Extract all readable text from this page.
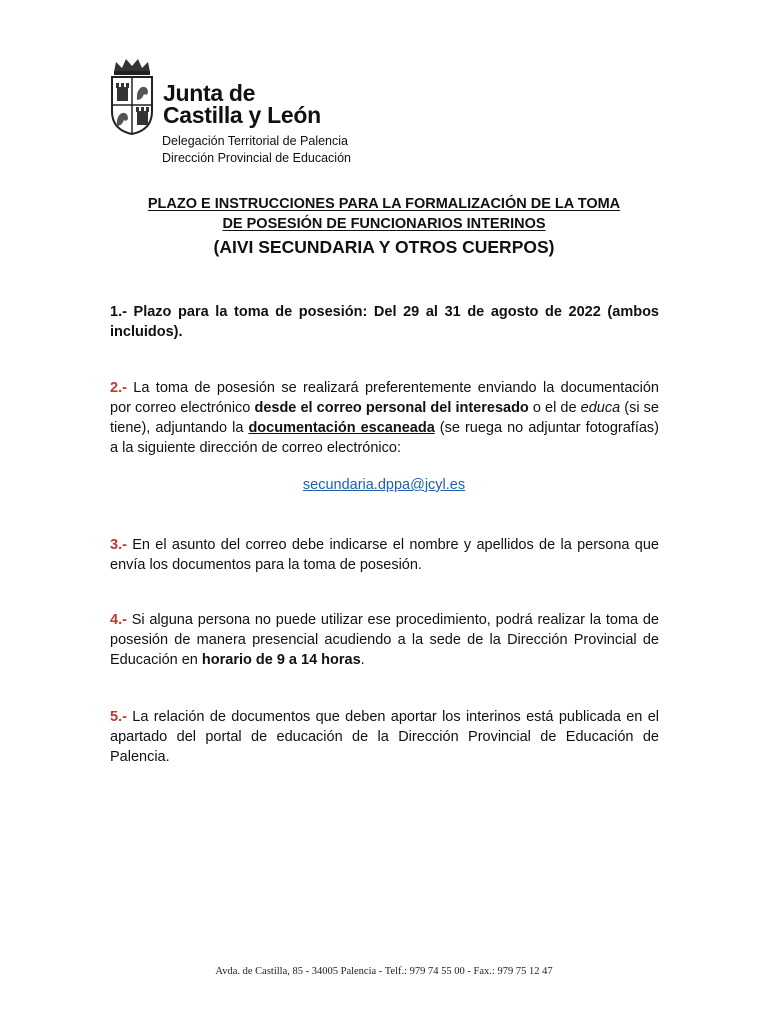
Junta de
Castilla y León
Delegación Territorial de Palencia
Dirección Provincial de Educación
PLAZO E INSTRUCCIONES PARA LA FORMALIZACIÓN DE LA TOMA
DE POSESIÓN DE FUNCIONARIOS INTERINOS
(AIVI SECUNDARIA Y OTROS CUERPOS)

1.- Plazo para la toma de posesión: Del 29 al 31 de agosto de 2022 (ambos incluidos).

2.- La toma de posesión se realizará preferentemente enviando la documentación por correo electrónico desde el correo personal del interesado o el de educa (si se tiene), adjuntando la documentación escaneada (se ruega no adjuntar fotografías) a la siguiente dirección de correo electrónico:

secundaria.dppa@jcyl.es

3.- En el asunto del correo debe indicarse el nombre y apellidos de la persona que envía los documentos para la toma de posesión.

4.- Si alguna persona no puede utilizar ese procedimiento, podrá realizar la toma de posesión de manera presencial acudiendo a la sede de la Dirección Provincial de Educación en horario de 9 a 14 horas.

5.- La relación de documentos que deben aportar los interinos está publicada en el apartado del portal de educación de la Dirección Provincial de Educación de Palencia.

Avda. de Castilla, 85 - 34005 Palencia - Telf.: 979 74 55 00 - Fax.: 979 75 12 47
